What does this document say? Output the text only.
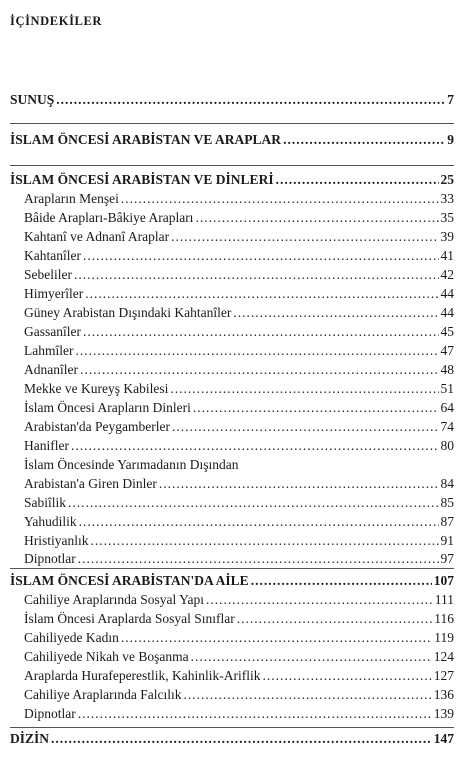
İÇİNDEKİLER
SUNUŞ .....	7
İSLAM ÖNCESİ ARABİSTAN VE ARAPLAR .....	9
İSLAM ÖNCESİ ARABİSTAN VE DİNLERİ .....	25
Arapların Menşei .....	33
Bâide Arapları-Bâkiye Arapları .....	35
Kahtanî ve Adnanî Araplar .....	39
Kahtanîler .....	41
Sebeliler .....	42
Himyerîler .....	44
Güney Arabistan Dışındaki Kahtanîler .....	44
Gassanîler .....	45
Lahmîler .....	47
Adnanîler .....	48
Mekke ve Kureyş Kabilesi .....	51
İslam Öncesi Arapların Dinleri .....	64
Arabistan'da Peygamberler .....	74
Hanifler .....	80
İslam Öncesinde Yarımadanın Dışından
Arabistan'a Giren Dinler .....	84
Sabiîlik .....	85
Yahudilik .....	87
Hristiyanlık .....	91
Dipnotlar .....	97
İSLAM ÖNCESİ ARABİSTAN'DA AİLE .....	107
Cahiliye Araplarında Sosyal Yapı .....	111
İslam Öncesi Araplarda Sosyal Sınıflar .....	116
Cahiliyede Kadın .....	119
Cahiliyede Nikah ve Boşanma .....	124
Araplarda Hurafeperestlik, Kahinlik-Ariflik .....	127
Cahiliye Araplarında Falcılık .....	136
Dipnotlar .....	139
DİZİN .....	147
